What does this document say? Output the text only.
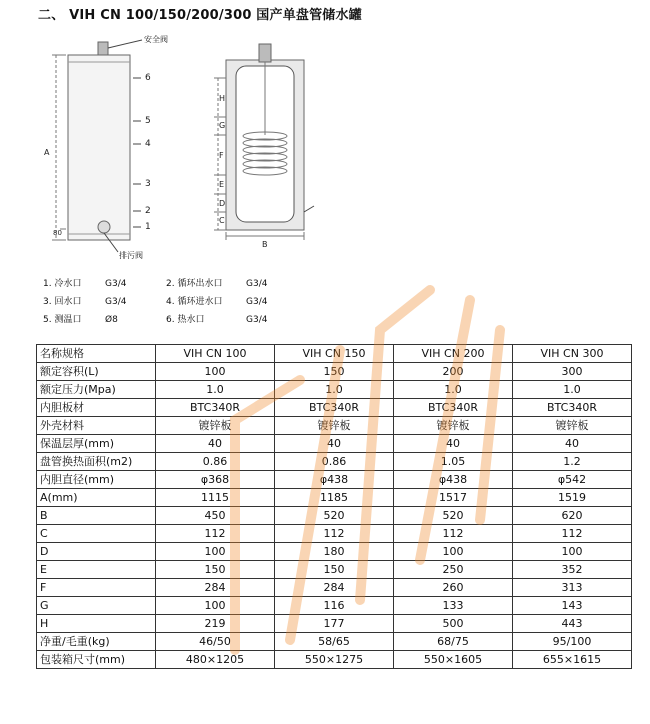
二、 VIH CN 100/150/200/300 国产单盘管储水罐
安全阀
排污阀
A
80
6
5
4
3
2
1
H
G
F
E
D
C
B
1. 冷水口	G3/4	2. 循环出水口	G3/4
3. 回水口	G3/4	4. 循环进水口	G3/4
5. 测温口	Ø8	6. 热水口	G3/4
名称规格	VIH CN 100	VIH CN 150	VIH CN 200	VIH CN 300
额定容积(L)	100	150	200	300
额定压力(Mpa)	1.0	1.0	1.0	1.0
内胆板材	BTC340R	BTC340R	BTC340R	BTC340R
外壳材料	镀锌板	镀锌板	镀锌板	镀锌板
保温层厚(mm)	40	40	40	40
盘管换热面积(m2)	0.86	0.86	1.05	1.2
内胆直径(mm)	φ368	φ438	φ438	φ542
A(mm)	1115	1185	1517	1519
B	450	520	520	620
C	112	112	112	112
D	100	180	100	100
E	150	150	250	352
F	284	284	260	313
G	100	116	133	143
H	219	177	500	443
净重/毛重(kg)	46/50	58/65	68/75	95/100
包装箱尺寸(mm)	480×1205	550×1275	550×1605	655×1615
